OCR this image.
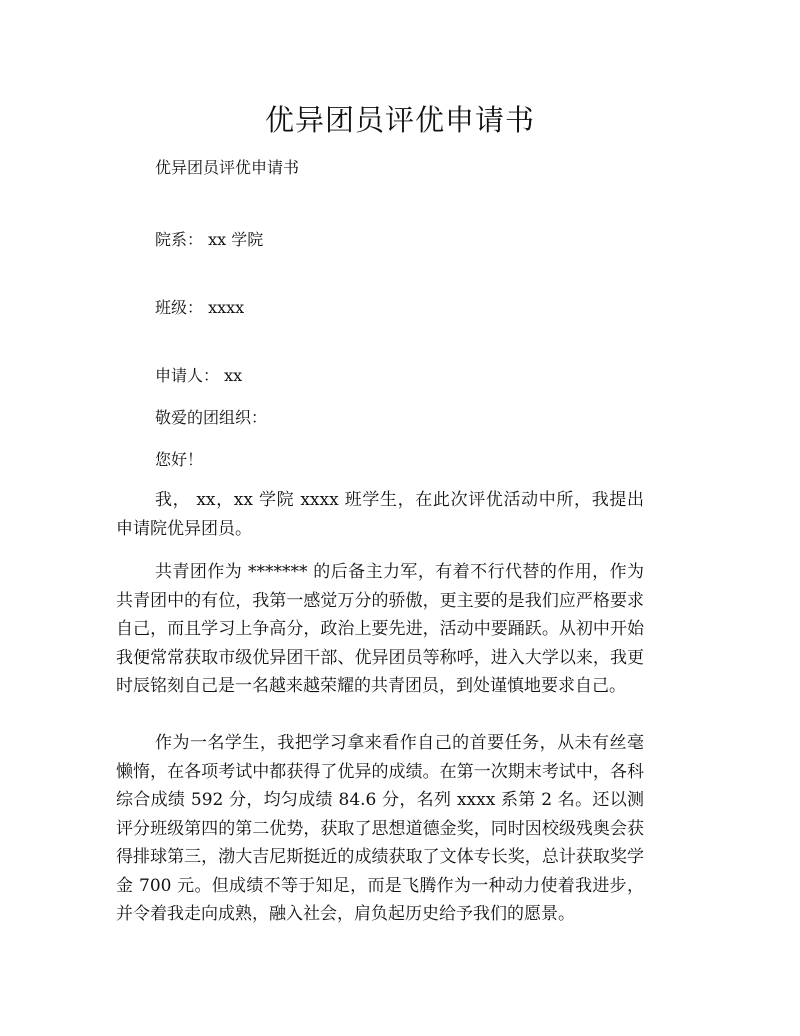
优异团员评优申请书

优异团员评优申请书

院系： xx 学院

班级： xxxx

申请人： xx

敬爱的团组织：

您好！

我， xx，xx 学院 xxxx 班学生，在此次评优活动中所，我提出申请院优异团员。

共青团作为 ******* 的后备主力军，有着不行代替的作用，作为共青团中的有位，我第一感觉万分的骄傲，更主要的是我们应严格要求自己，而且学习上争高分，政治上要先进，活动中要踊跃。从初中开始我便常常获取市级优异团干部、优异团员等称呼，进入大学以来，我更时辰铭刻自己是一名越来越荣耀的共青团员，到处谨慎地要求自己。

作为一名学生，我把学习拿来看作自己的首要任务，从未有丝毫懒惰，在各项考试中都获得了优异的成绩。在第一次期末考试中，各科综合成绩 592 分，均匀成绩 84.6 分，名列 xxxx 系第 2 名。还以测评分班级第四的第二优势，获取了思想道德金奖，同时因校级残奥会获得排球第三，渤大吉尼斯挺近的成绩获取了文体专长奖，总计获取奖学金 700 元。但成绩不等于知足，而是飞腾作为一种动力使着我进步，并令着我走向成熟，融入社会，肩负起历史给予我们的愿景。
